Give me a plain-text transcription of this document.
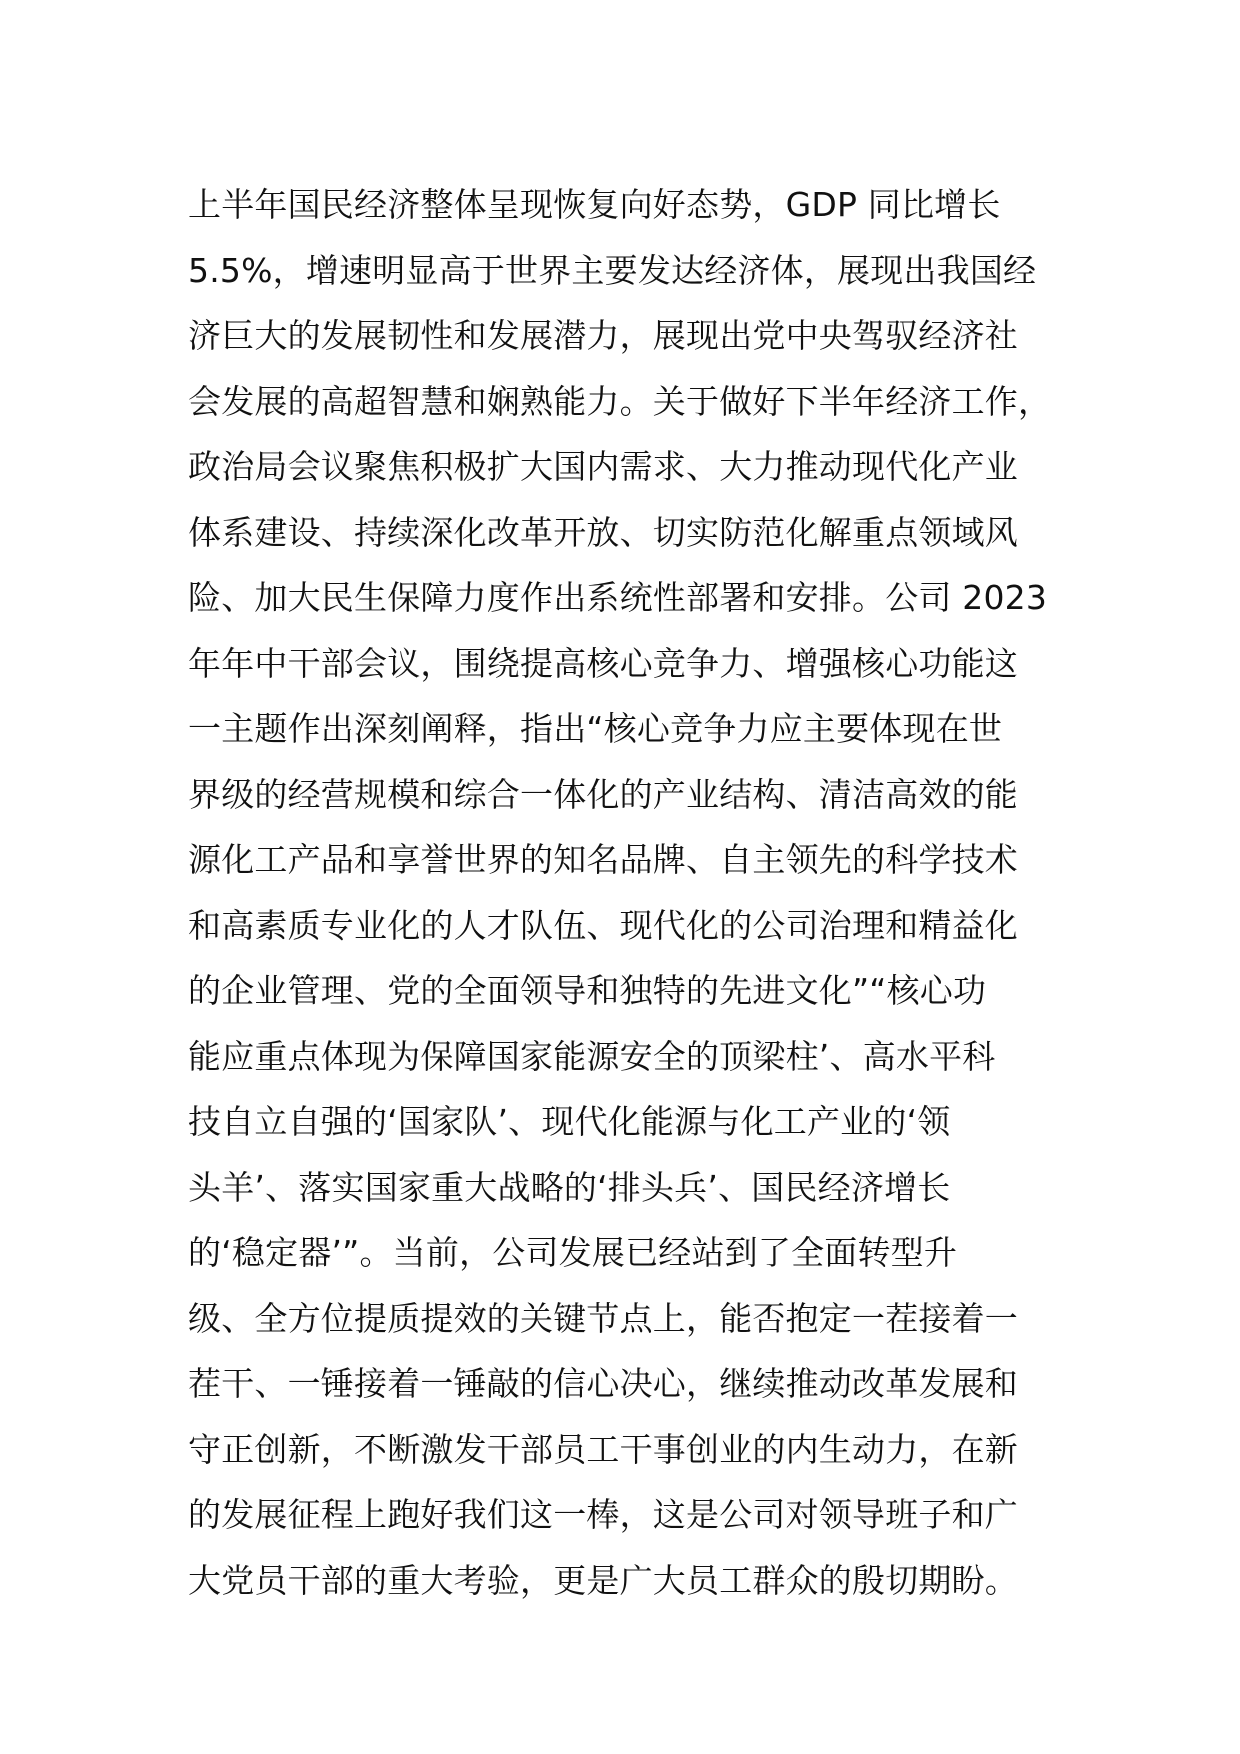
上半年国民经济整体呈现恢复向好态势，GDP 同比增长
5.5%，增速明显高于世界主要发达经济体，展现出我国经
济巨大的发展韧性和发展潜力，展现出党中央驾驭经济社
会发展的高超智慧和娴熟能力。关于做好下半年经济工作，
政治局会议聚焦积极扩大国内需求、大力推动现代化产业
体系建设、持续深化改革开放、切实防范化解重点领域风
险、加大民生保障力度作出系统性部署和安排。公司 2023
年年中干部会议，围绕提高核心竞争力、增强核心功能这
一主题作出深刻阐释，指出“核心竞争力应主要体现在世
界级的经营规模和综合一体化的产业结构、清洁高效的能
源化工产品和享誉世界的知名品牌、自主领先的科学技术
和高素质专业化的人才队伍、现代化的公司治理和精益化
的企业管理、党的全面领导和独特的先进文化”“核心功
能应重点体现为保障国家能源安全的顶梁柱’、高水平科
技自立自强的‘国家队’、现代化能源与化工产业的‘领
头羊’、落实国家重大战略的‘排头兵’、国民经济增长
的‘稳定器’”。当前，公司发展已经站到了全面转型升
级、全方位提质提效的关键节点上，能否抱定一茬接着一
茬干、一锤接着一锤敲的信心决心，继续推动改革发展和
守正创新，不断激发干部员工干事创业的内生动力，在新
的发展征程上跑好我们这一棒，这是公司对领导班子和广
大党员干部的重大考验，更是广大员工群众的殷切期盼。
